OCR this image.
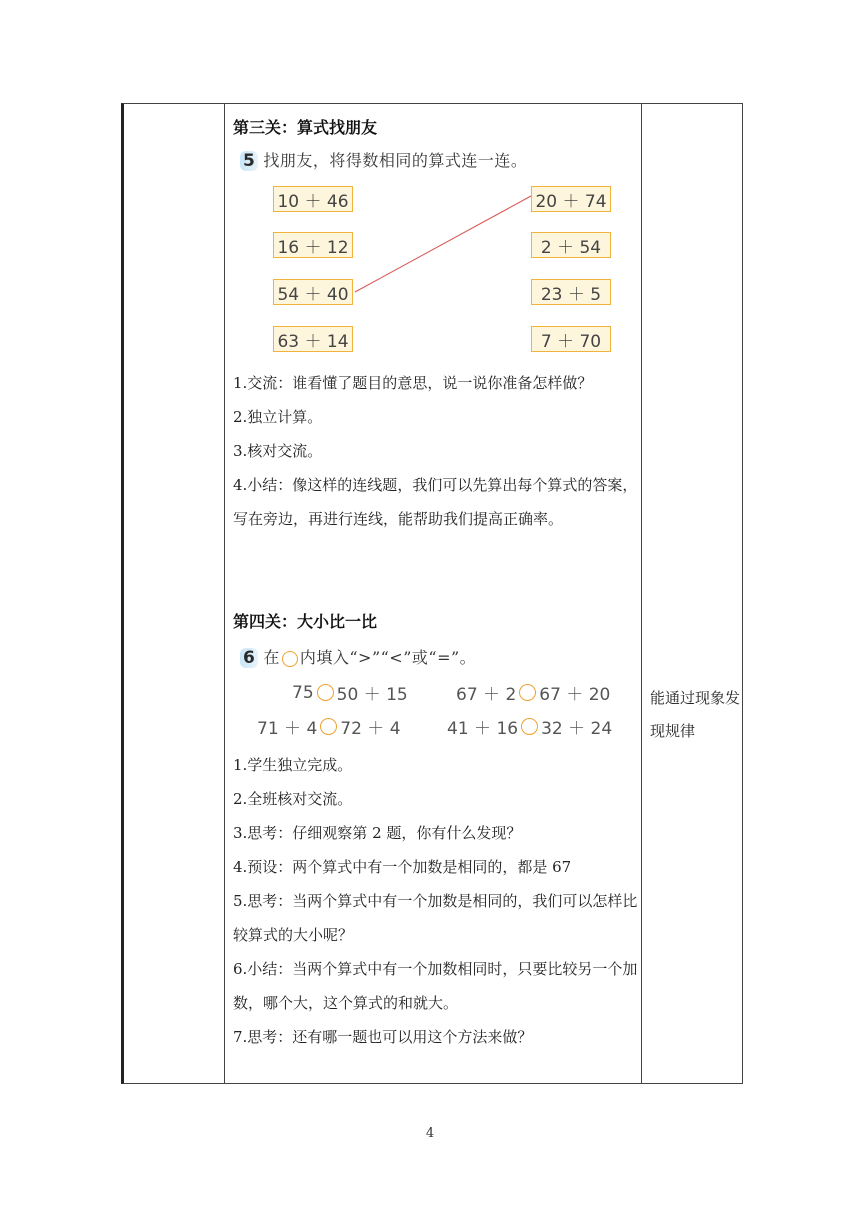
第三关：算式找朋友
5 找朋友，将得数相同的算式连一连。
10 ＋ 46
16 ＋ 12
54 ＋ 40
63 ＋ 14
20 ＋ 74
2 ＋ 54
23 ＋ 5
7 ＋ 70
1.交流：谁看懂了题目的意思，说一说你准备怎样做？
2.独立计算。
3.核对交流。
4.小结：像这样的连线题，我们可以先算出每个算式的答案，写在旁边，再进行连线，能帮助我们提高正确率。
第四关：大小比一比
6 在 内填入“>”“<”或“=”。
75 50 ＋ 15	67 ＋ 2 67 ＋ 20
71 ＋ 4 72 ＋ 4	41 ＋ 16 32 ＋ 24
1.学生独立完成。
2.全班核对交流。
3.思考：仔细观察第 2 题，你有什么发现？
4.预设：两个算式中有一个加数是相同的，都是 67
5.思考：当两个算式中有一个加数是相同的，我们可以怎样比较算式的大小呢？
6.小结：当两个算式中有一个加数相同时，只要比较另一个加数，哪个大，这个算式的和就大。
7.思考：还有哪一题也可以用这个方法来做？
能通过现象发现规律
4
